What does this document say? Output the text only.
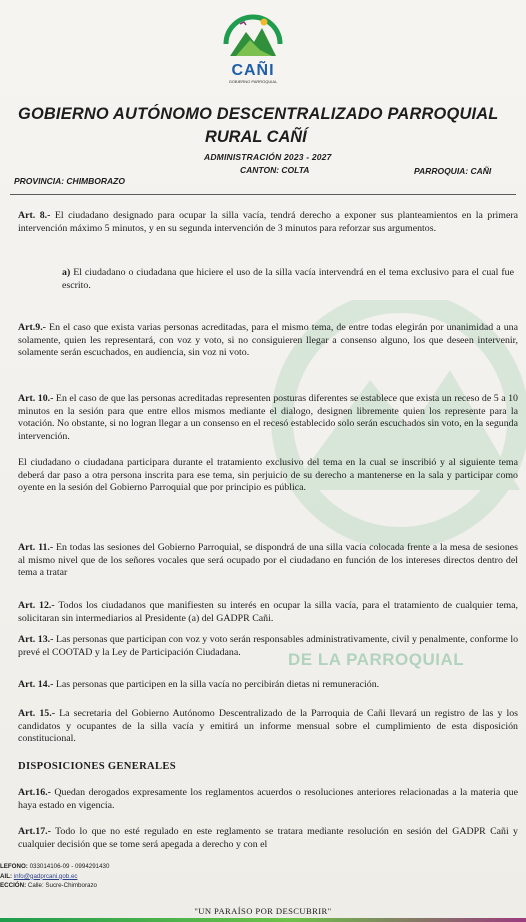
DE LA PARROQUIAL
CAÑI
GOBIERNO PARROQUIAL
GOBIERNO AUTÓNOMO DESCENTRALIZADO PARROQUIAL
RURAL CAÑÍ
ADMINISTRACIÓN 2023 - 2027
CANTON: COLTA
PROVINCIA: CHIMBORAZO
PARROQUIA: CAÑI
Art. 8.- El ciudadano designado para ocupar la silla vacía, tendrá derecho a exponer sus planteamientos en la primera intervención máximo 5 minutos, y en su segunda intervención de 3 minutos para reforzar sus argumentos.
a) El ciudadano o ciudadana que hiciere el uso de la silla vacía intervendrá en el tema exclusivo para el cual fue escrito.
Art.9.- En el caso que exista varias personas acreditadas, para el mismo tema, de entre todas elegirán por unanimidad a una solamente, quien les representará, con voz y voto, si no consiguieren llegar a consenso alguno, los que deseen intervenir, solamente serán escuchados, en audiencia, sin voz ni voto.
Art. 10.- En el caso de que las personas acreditadas representen posturas diferentes se establece que exista un receso de 5 a 10 minutos en la sesión para que entre ellos mismos mediante el dialogo, designen libremente quien los represente para la votación. No obstante, si no logran llegar a un consenso en el recesó establecido solo serán escuchados sin voto, en la segunda intervención.
El ciudadano o ciudadana participara durante el tratamiento exclusivo del tema en la cual se inscribió y al siguiente tema deberá dar paso a otra persona inscrita para ese tema, sin perjuicio de su derecho a mantenerse en la sala y participar como oyente en la sesión del Gobierno Parroquial que por principio es pública.
Art. 11.- En todas las sesiones del Gobierno Parroquial, se dispondrá de una silla vacía colocada frente a la mesa de sesiones al mismo nivel que de los señores vocales que será ocupado por el ciudadano en función de los intereses directos dentro del tema a tratar
Art. 12.- Todos los ciudadanos que manifiesten su interés en ocupar la silla vacía, para el tratamiento de cualquier tema, solicitaran sin intermediarios al Presidente (a) del GADPR Cañi.
Art. 13.- Las personas que participan con voz y voto serán responsables administrativamente, civil y penalmente, conforme lo prevé el COOTAD y la Ley de Participación Ciudadana.
Art. 14.- Las personas que participen en la silla vacía no percibirán dietas ni remuneración.
Art. 15.- La secretaria del Gobierno Autónomo Descentralizado de la Parroquia de Cañi llevará un registro de las y los candidatos y ocupantes de la silla vacía y emitirá un informe mensual sobre el cumplimiento de esta disposición constitucional.
DISPOSICIONES GENERALES
Art.16.- Quedan derogados expresamente los reglamentos acuerdos o resoluciones anteriores relacionadas a la materia que haya estado en vigencia.
Art.17.- Todo lo que no esté regulado en este reglamento se tratara mediante resolución en sesión del GADPR Cañi y cualquier decisión que se tome será apegada a derecho y con el
LEFONO: 033014106-09 - 0994291430
AIL: info@gadprcani.gob.ec
ECCIÓN: Calle: Sucre-Chimborazo
"UN PARAÍSO POR DESCUBRIR"
